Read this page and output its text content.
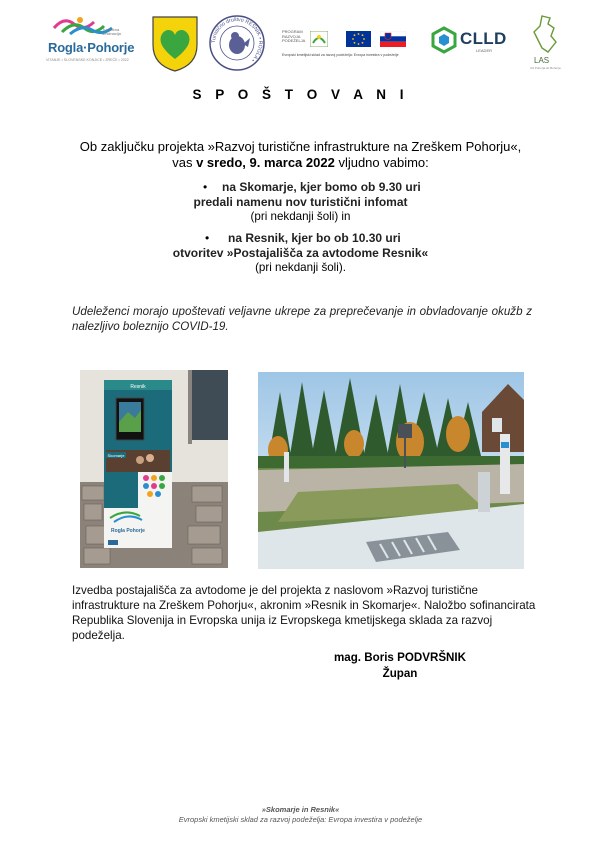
Turistična destinacija
Rogla·Pohorje
VITANJE • SLOVENSKE KONJICE • ZREČE • 2022
Turistično društvo RESNIK • ROGLA •
PROGRAM RAZVOJA PODEŽELJA
Evropski kmetijski sklad za razvoj podeželja: Evropa investira v podeželje
CLLD
LEADER
LAS
Od Pohorja do Bohorja
S P O Š T O V A N I
Ob zaključku projekta »Razvoj turistične infrastrukture na Zreškem Pohorju«,
vas v sredo, 9. marca 2022 vljudno vabimo:
• na Skomarje, kjer bomo ob 9.30 uri
predali namenu nov turistični infomat
(pri nekdanji šoli) in
• na Resnik, kjer bo ob 10.30 uri
otvoritev »Postajališča za avtodome Resnik«
(pri nekdanji šoli).
Udeleženci morajo upoštevati veljavne ukrepe za preprečevanje in obvladovanje okužb z nalezljivo boleznijo COVID-19.
Resnik
Skomarje
Rogla Pohorje
Izvedba postajališča za avtodome je del projekta z naslovom »Razvoj turistične infrastrukture na Zreškem Pohorju«, akronim »Resnik in Skomarje«. Naložbo sofinancirata Republika Slovenija in Evropska unija iz Evropskega kmetijskega sklada za razvoj podeželja.
mag. Boris PODVRŠNIK
Župan
»Skomarje in Resnik«
Evropski kmetijski sklad za razvoj podeželja: Evropa investira v podeželje
